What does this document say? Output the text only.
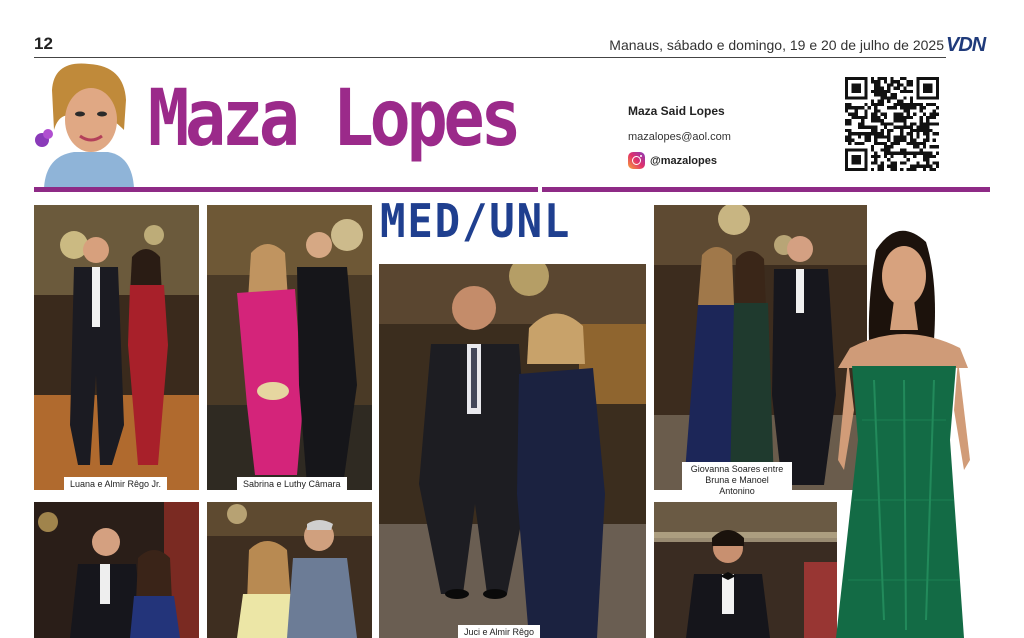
12	Manaus, sábado e domingo, 19 e 20 de julho de 2025 VDN
Maza Lopes	Maza Said Lopes
mazalopes@aol.com
@mazalopes
MED/UNL
Luana e Almir Rêgo Jr.	Sabrina e Luthy Câmara
Juci e Almir Rêgo
Giovanna Soares entre
Bruna e Manoel Antonino
